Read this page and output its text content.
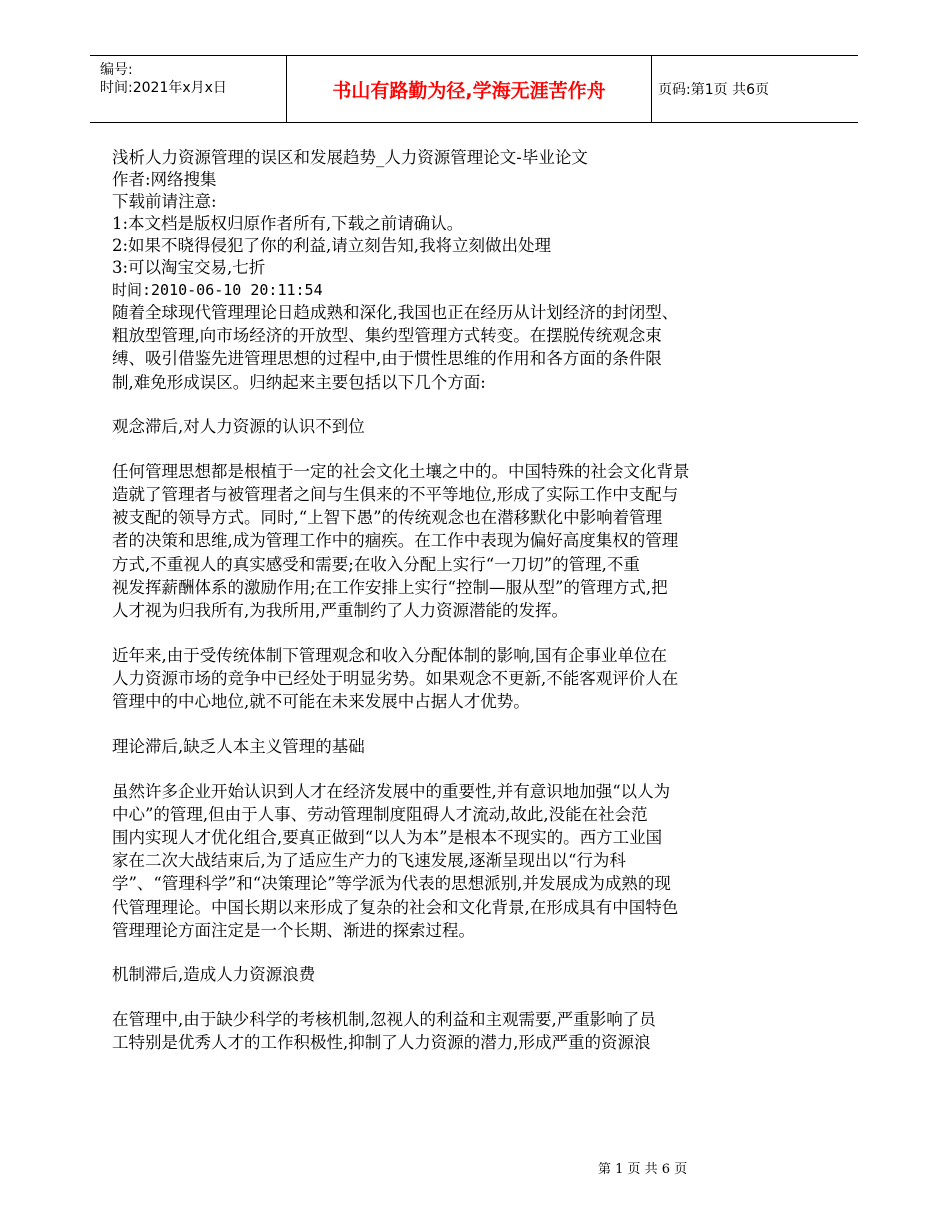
编号:
时间:2021年x月x日	书山有路勤为径,学海无涯苦作舟	页码:第1页 共6页
浅析人力资源管理的误区和发展趋势_人力资源管理论文-毕业论文
作者:网络搜集
下载前请注意:
1:本文档是版权归原作者所有,下载之前请确认。
2:如果不晓得侵犯了你的利益,请立刻告知,我将立刻做出处理
3:可以淘宝交易,七折
时间:2010-06-10 20:11:54
随着全球现代管理理论日趋成熟和深化,我国也正在经历从计划经济的封闭型、
粗放型管理,向市场经济的开放型、集约型管理方式转变。在摆脱传统观念束
缚、吸引借鉴先进管理思想的过程中,由于惯性思维的作用和各方面的条件限
制,难免形成误区。归纳起来主要包括以下几个方面:
观念滞后,对人力资源的认识不到位
任何管理思想都是根植于一定的社会文化土壤之中的。中国特殊的社会文化背景
造就了管理者与被管理者之间与生俱来的不平等地位,形成了实际工作中支配与
被支配的领导方式。同时,“上智下愚”的传统观念也在潜移默化中影响着管理
者的决策和思维,成为管理工作中的痼疾。在工作中表现为偏好高度集权的管理
方式,不重视人的真实感受和需要;在收入分配上实行“一刀切”的管理,不重
视发挥薪酬体系的激励作用;在工作安排上实行“控制—服从型”的管理方式,把
人才视为归我所有,为我所用,严重制约了人力资源潜能的发挥。
近年来,由于受传统体制下管理观念和收入分配体制的影响,国有企事业单位在
人力资源市场的竞争中已经处于明显劣势。如果观念不更新,不能客观评价人在
管理中的中心地位,就不可能在未来发展中占据人才优势。
理论滞后,缺乏人本主义管理的基础
虽然许多企业开始认识到人才在经济发展中的重要性,并有意识地加强“以人为
中心”的管理,但由于人事、劳动管理制度阻碍人才流动,故此,没能在社会范
围内实现人才优化组合,要真正做到“以人为本”是根本不现实的。西方工业国
家在二次大战结束后,为了适应生产力的飞速发展,逐渐呈现出以“行为科
学”、“管理科学”和“决策理论”等学派为代表的思想派别,并发展成为成熟的现
代管理理论。中国长期以来形成了复杂的社会和文化背景,在形成具有中国特色
管理理论方面注定是一个长期、渐进的探索过程。
机制滞后,造成人力资源浪费
在管理中,由于缺少科学的考核机制,忽视人的利益和主观需要,严重影响了员
工特别是优秀人才的工作积极性,抑制了人力资源的潜力,形成严重的资源浪
第 1 页 共 6 页
